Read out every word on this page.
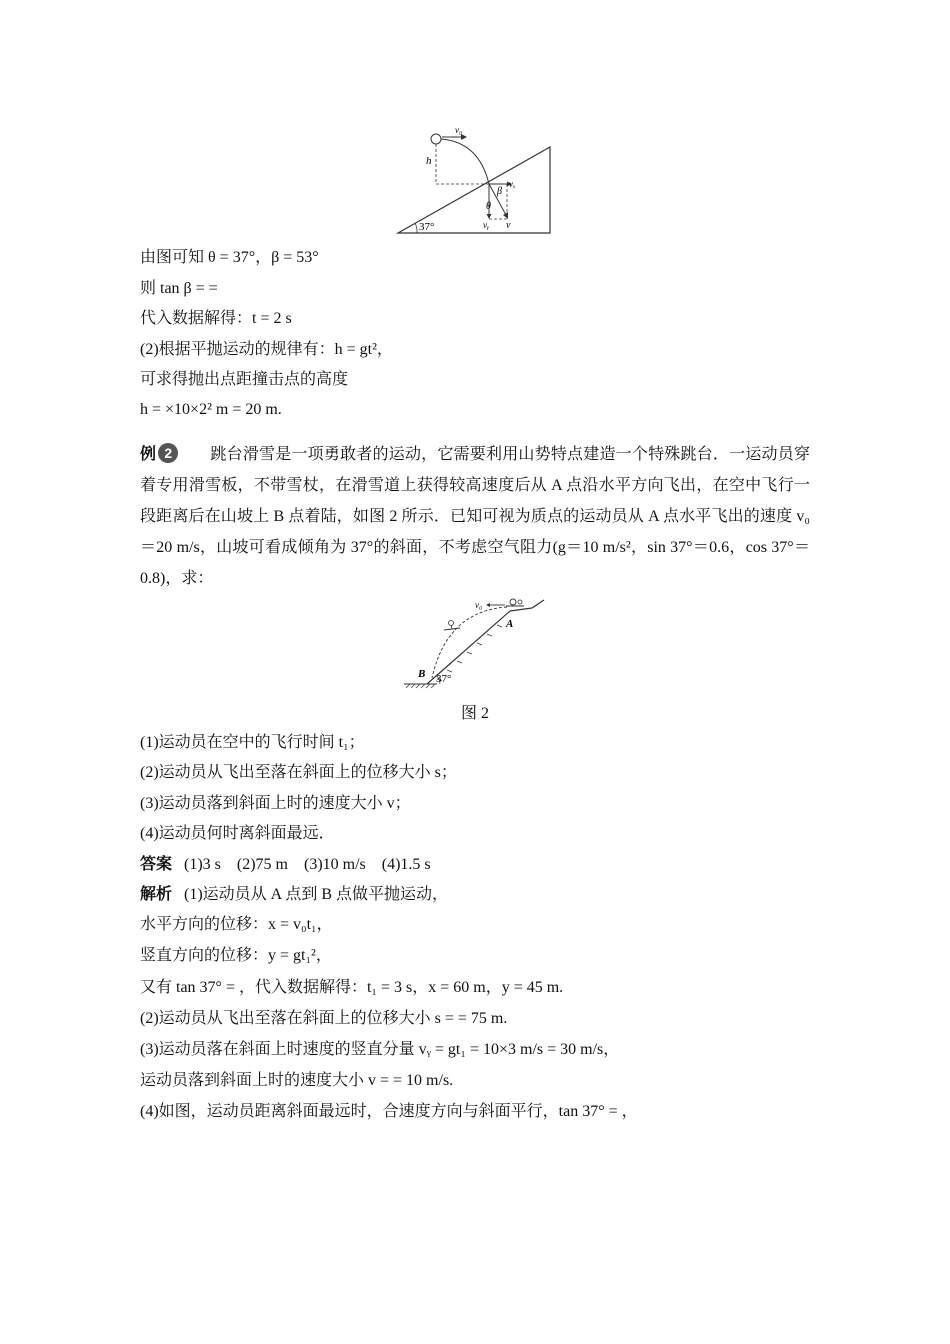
v₀
h
vₓ
β
θ
vᵧ v
37°
由图可知 θ = 37°，β = 53°
则 tan β = =
代入数据解得：t = 2 s
(2)根据平抛运动的规律有：h = gt²，
可求得抛出点距撞击点的高度
h = ×10×2² m = 20 m.
例 2 跳台滑雪是一项勇敢者的运动，它需要利用山势特点建造一个特殊跳台．一运动员穿着专用滑雪板，不带雪杖，在滑雪道上获得较高速度后从 A 点沿水平方向飞出，在空中飞行一段距离后在山坡上 B 点着陆，如图 2 所示．已知可视为质点的运动员从 A 点水平飞出的速度 v₀＝20 m/s，山坡可看成倾角为 37°的斜面，不考虑空气阻力(g＝10 m/s²，sin 37°＝0.6，cos 37°＝0.8)，求：
v₀
A
B 37°
图 2
(1)运动员在空中的飞行时间 t₁；
(2)运动员从飞出至落在斜面上的位移大小 s；
(3)运动员落到斜面上时的速度大小 v；
(4)运动员何时离斜面最远．
答案 (1)3 s　(2)75 m　(3)10 m/s　(4)1.5 s
解析 (1)运动员从 A 点到 B 点做平抛运动，
水平方向的位移：x = v₀t₁，
竖直方向的位移：y = gt₁²，
又有 tan 37° = ，代入数据解得：t₁ = 3 s，x = 60 m，y = 45 m.
(2)运动员从飞出至落在斜面上的位移大小 s = = 75 m.
(3)运动员落在斜面上时速度的竖直分量 vᵧ = gt₁ = 10×3 m/s = 30 m/s，
运动员落到斜面上时的速度大小 v = = 10 m/s.
(4)如图，运动员距离斜面最远时，合速度方向与斜面平行，tan 37° = ，
